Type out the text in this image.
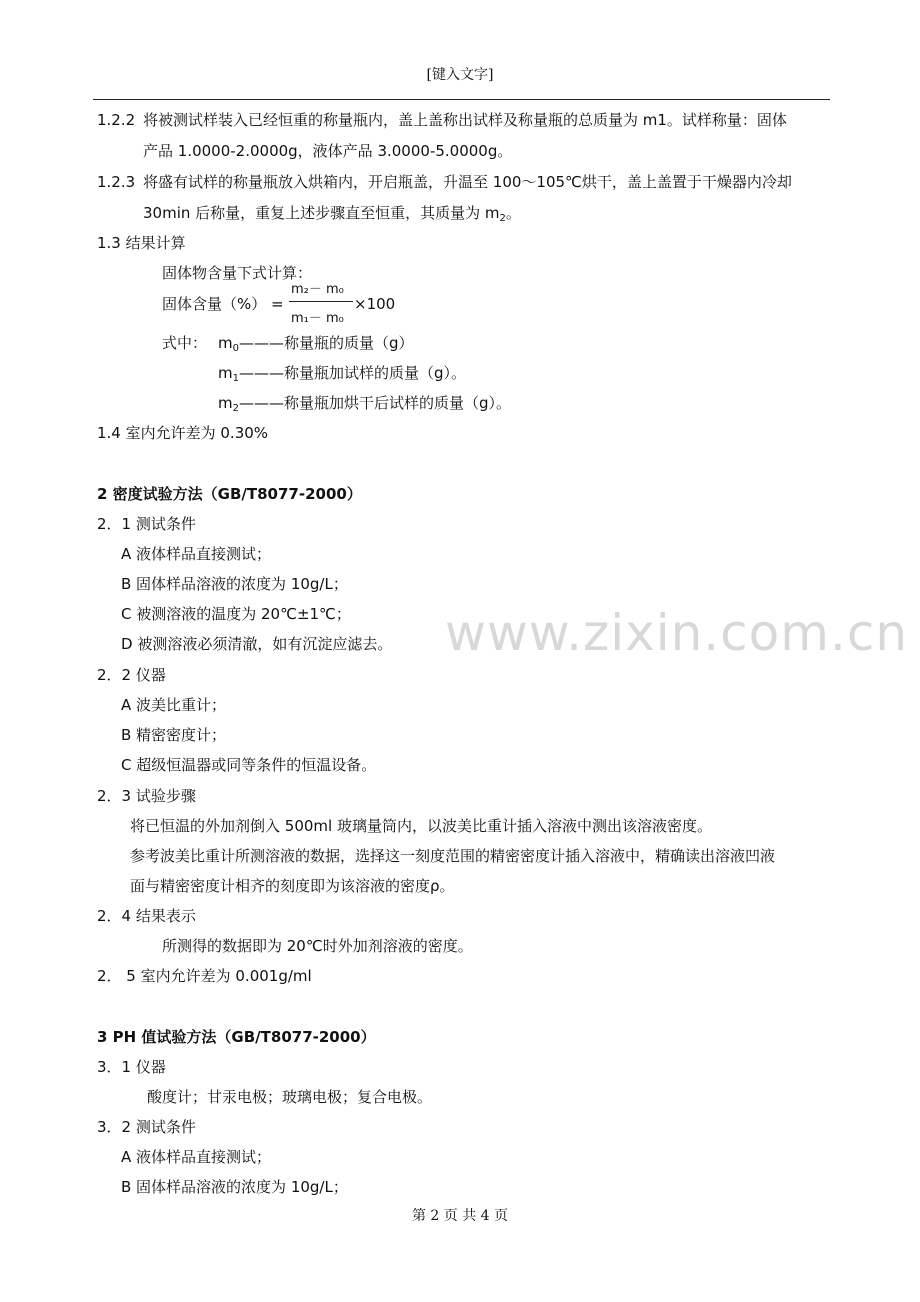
[键入文字]
www.zixin.com.cn
1.2.2 将被测试样装入已经恒重的称量瓶内，盖上盖称出试样及称量瓶的总质量为 m1。试样称量：固体
产品 1.0000-2.0000g，液体产品 3.0000-5.0000g。
1.2.3 将盛有试样的称量瓶放入烘箱内，开启瓶盖，升温至 100～105℃烘干，盖上盖置于干燥器内冷却
30min 后称量，重复上述步骤直至恒重，其质量为 $m_2$。
1.3 结果计算
固体物含量下式计算：
固体含量（%） =
m₂－ m₀
m₁－ m₀
×100
式中： $m_0———$称量瓶的质量（g）
$m_1———$称量瓶加试样的质量（g）。
$m_2———$称量瓶加烘干后试样的质量（g）。
1.4 室内允许差为 0.30%
2 密度试验方法（GB/T8077-2000）
2．1 测试条件
A 液体样品直接测试；
B 固体样品溶液的浓度为 10g/L；
C 被测溶液的温度为 20℃±1℃；
D 被测溶液必须清澈，如有沉淀应滤去。
2．2 仪器
A 波美比重计；
B 精密密度计；
C 超级恒温器或同等条件的恒温设备。
2．3 试验步骤
将已恒温的外加剂倒入 500ml 玻璃量筒内，以波美比重计插入溶液中测出该溶液密度。
参考波美比重计所测溶液的数据，选择这一刻度范围的精密密度计插入溶液中，精确读出溶液凹液
面与精密密度计相齐的刻度即为该溶液的密度ρ。
2．4 结果表示
所测得的数据即为 20℃时外加剂溶液的密度。
2． 5 室内允许差为 0.001g/ml
3 PH 值试验方法（GB/T8077-2000）
3．1 仪器
酸度计；甘汞电极；玻璃电极；复合电极。
3．2 测试条件
A 液体样品直接测试；
B 固体样品溶液的浓度为 10g/L；
第 2 页 共 4 页
